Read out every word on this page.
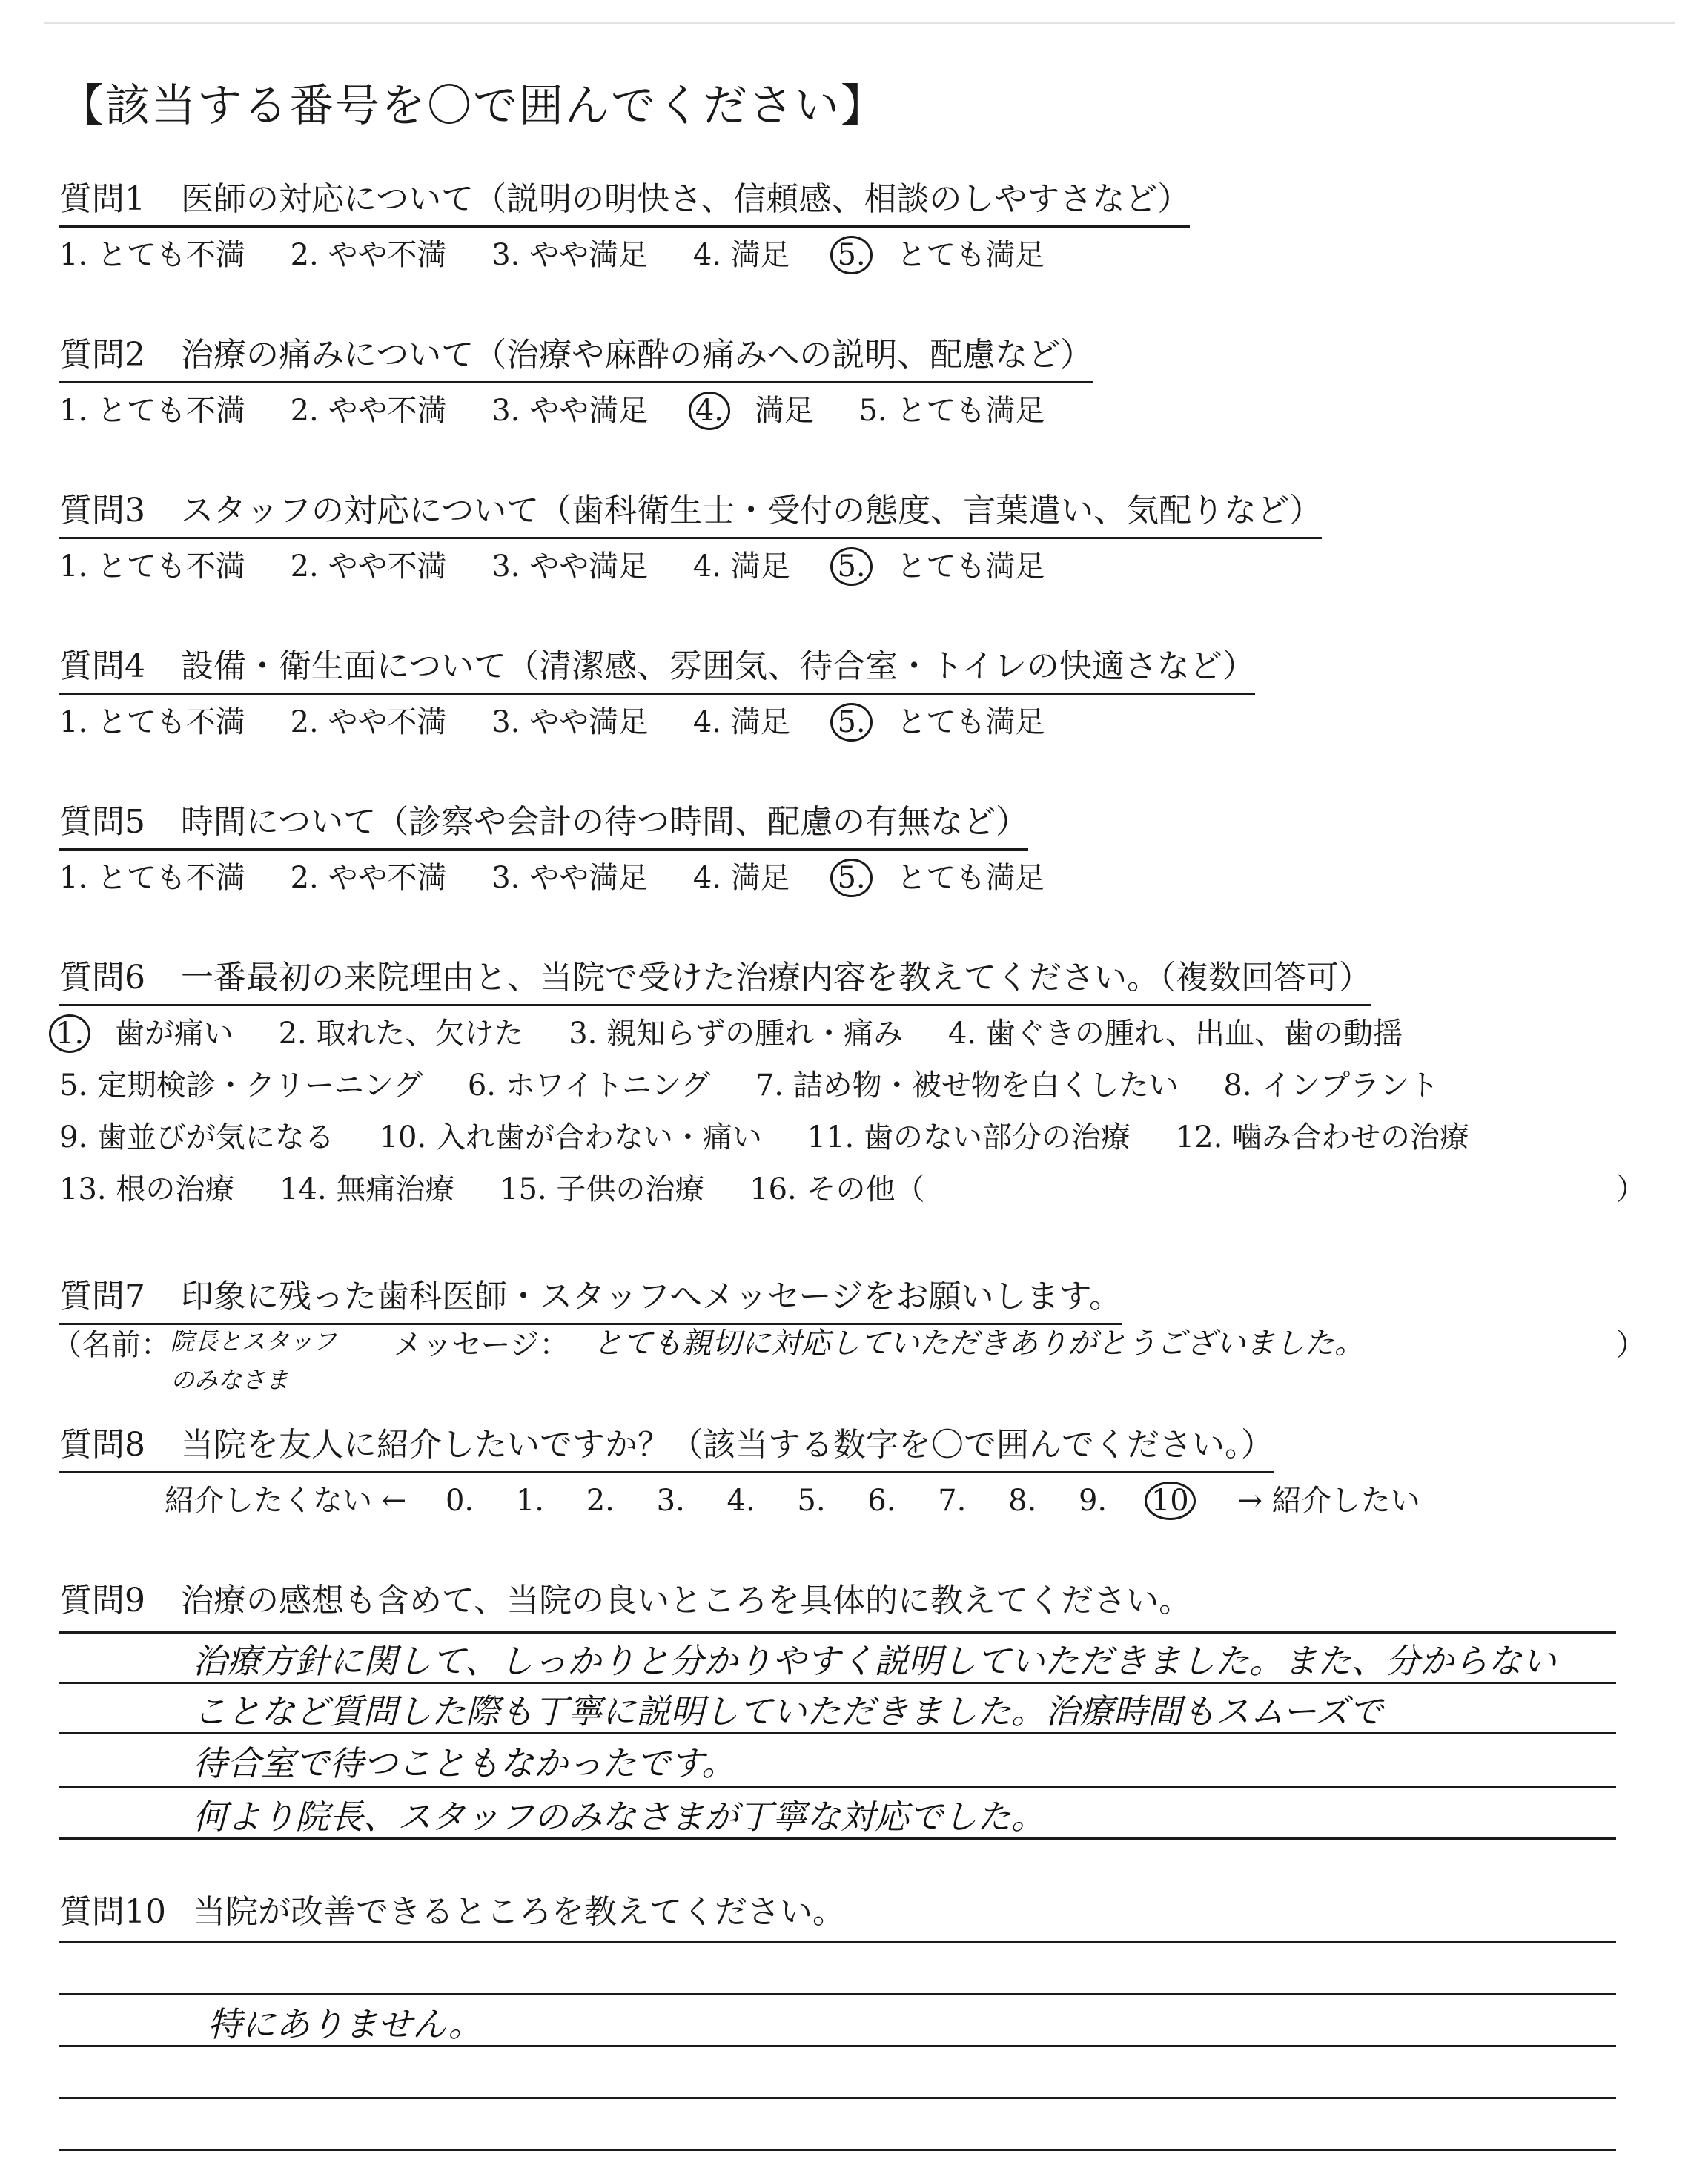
【該当する番号を〇で囲んでください】
質問1 医師の対応について（説明の明快さ、信頼感、相談のしやすさなど）
1. とても不満 2. やや不満 3. やや満足 4. 満足 5. とても満足
質問2 治療の痛みについて（治療や麻酔の痛みへの説明、配慮など）
1. とても不満 2. やや不満 3. やや満足 4. 満足 5. とても満足
質問3 スタッフの対応について（歯科衛生士・受付の態度、言葉遣い、気配りなど）
1. とても不満 2. やや不満 3. やや満足 4. 満足 5. とても満足
質問4 設備・衛生面について（清潔感、雰囲気、待合室・トイレの快適さなど）
1. とても不満 2. やや不満 3. やや満足 4. 満足 5. とても満足
質問5 時間について（診察や会計の待つ時間、配慮の有無など）
1. とても不満 2. やや不満 3. やや満足 4. 満足 5. とても満足
質問6 一番最初の来院理由と、当院で受けた治療内容を教えてください。（複数回答可）
1. 歯が痛い 2. 取れた、欠けた 3. 親知らずの腫れ・痛み 4. 歯ぐきの腫れ、出血、歯の動揺
5. 定期検診・クリーニング 6. ホワイトニング 7. 詰め物・被せ物を白くしたい 8. インプラント
9. 歯並びが気になる 10. 入れ歯が合わない・痛い 11. 歯のない部分の治療 12. 噛み合わせの治療
13. 根の治療 14. 無痛治療 15. 子供の治療 16. その他（	）
質問7 印象に残った歯科医師・スタッフへメッセージをお願いします。
（名前： 院長とスタッフ
のみなさま
メッセージ： とても親切に対応していただきありがとうございました。	）
質問8 当院を友人に紹介したいですか？（該当する数字を〇で囲んでください。）
紹介したくない ← 0. 1. 2. 3. 4. 5. 6. 7. 8. 9. 10 → 紹介したい
質問9 治療の感想も含めて、当院の良いところを具体的に教えてください。
治療方針に関して、しっかりと分かりやすく説明していただきました。また、分からない
ことなど質問した際も丁寧に説明していただきました。治療時間もスムーズで
待合室で待つこともなかったです。
何より院長、スタッフのみなさまが丁寧な対応でした。
質問10 当院が改善できるところを教えてください。
特にありません。
